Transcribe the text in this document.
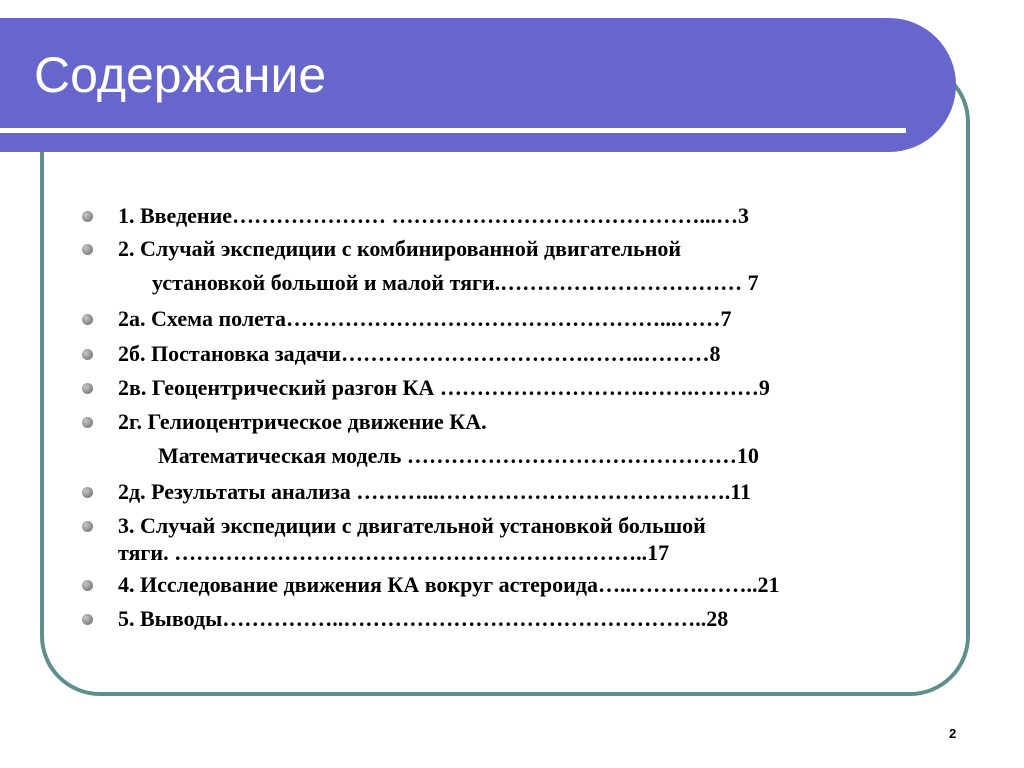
Содержание
1. Введение………………… ……………………………………...…3
2. Случай экспедиции с комбинированной двигательной
установкой большой и малой тяги.…………………………… 7
2а. Схема полета……………………………………………...……7
2б. Постановка задачи…………………………….……..………8
2в. Геоцентрический разгон КА ……………………….…….………9
2г. Гелиоцентрическое движение КА.
Математическая модель ………………………………………10
2д. Результаты анализа ………...………………………………….11
3. Случай экспедиции с двигательной установкой большой
тяги. ………………………………………………………..17
4. Исследование движения КА вокруг астероида…..……….……..21
5. Выводы……………..…………………………………………..28
2
